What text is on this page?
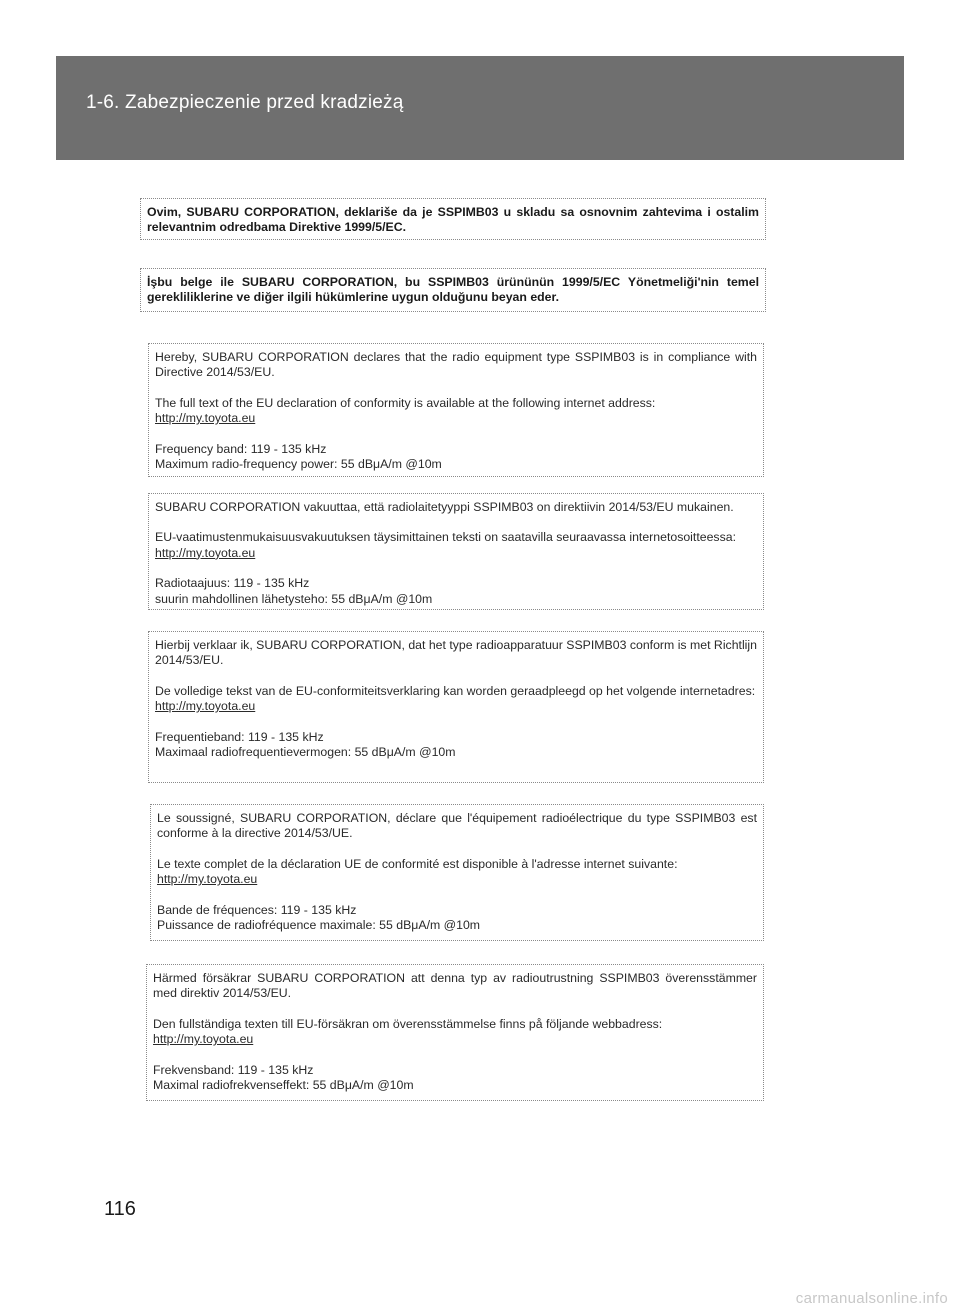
1-6. Zabezpieczenie przed kradzieżą

Ovim, SUBARU CORPORATION, deklariše da je SSPIMB03 u skladu sa osnovnim zahtevima i ostalim relevantnim odredbama Direktive 1999/5/EC.

İşbu belge ile SUBARU CORPORATION, bu SSPIMB03 ürününün 1999/5/EC Yönetmeliği'nin temel gerekliliklerine ve diğer ilgili hükümlerine uygun olduğunu beyan eder.

Hereby, SUBARU CORPORATION declares that the radio equipment type SSPIMB03 is in compliance with Directive 2014/53/EU.

The full text of the EU declaration of conformity is available at the following internet address:
http://my.toyota.eu

Frequency band: 119 - 135 kHz
Maximum radio-frequency power: 55 dBμA/m @10m

SUBARU CORPORATION vakuuttaa, että radiolaitetyyppi SSPIMB03 on direktiivin 2014/53/EU mukainen.

EU-vaatimustenmukaisuusvakuutuksen täysimittainen teksti on saatavilla seuraavassa internetosoitteessa:
http://my.toyota.eu

Radiotaajuus: 119 - 135 kHz
suurin mahdollinen lähetysteho: 55 dBμA/m @10m

Hierbij verklaar ik, SUBARU CORPORATION, dat het type radioapparatuur SSPIMB03 conform is met Richtlijn 2014/53/EU.

De volledige tekst van de EU-conformiteitsverklaring kan worden geraadpleegd op het volgende internetadres:
http://my.toyota.eu

Frequentieband: 119 - 135 kHz
Maximaal radiofrequentievermogen: 55 dBμA/m @10m

Le soussigné, SUBARU CORPORATION, déclare que l'équipement radioélectrique du type SSPIMB03 est conforme à la directive 2014/53/UE.

Le texte complet de la déclaration UE de conformité est disponible à l'adresse internet suivante:
http://my.toyota.eu

Bande de fréquences: 119 - 135 kHz
Puissance de radiofréquence maximale: 55 dBμA/m @10m

Härmed försäkrar SUBARU CORPORATION att denna typ av radioutrustning SSPIMB03 överensstämmer med direktiv 2014/53/EU.

Den fullständiga texten till EU-försäkran om överensstämmelse finns på följande webbadress:
http://my.toyota.eu

Frekvensband: 119 - 135 kHz
Maximal radiofrekvenseffekt: 55 dBμA/m @10m

116
carmanualsonline.info
